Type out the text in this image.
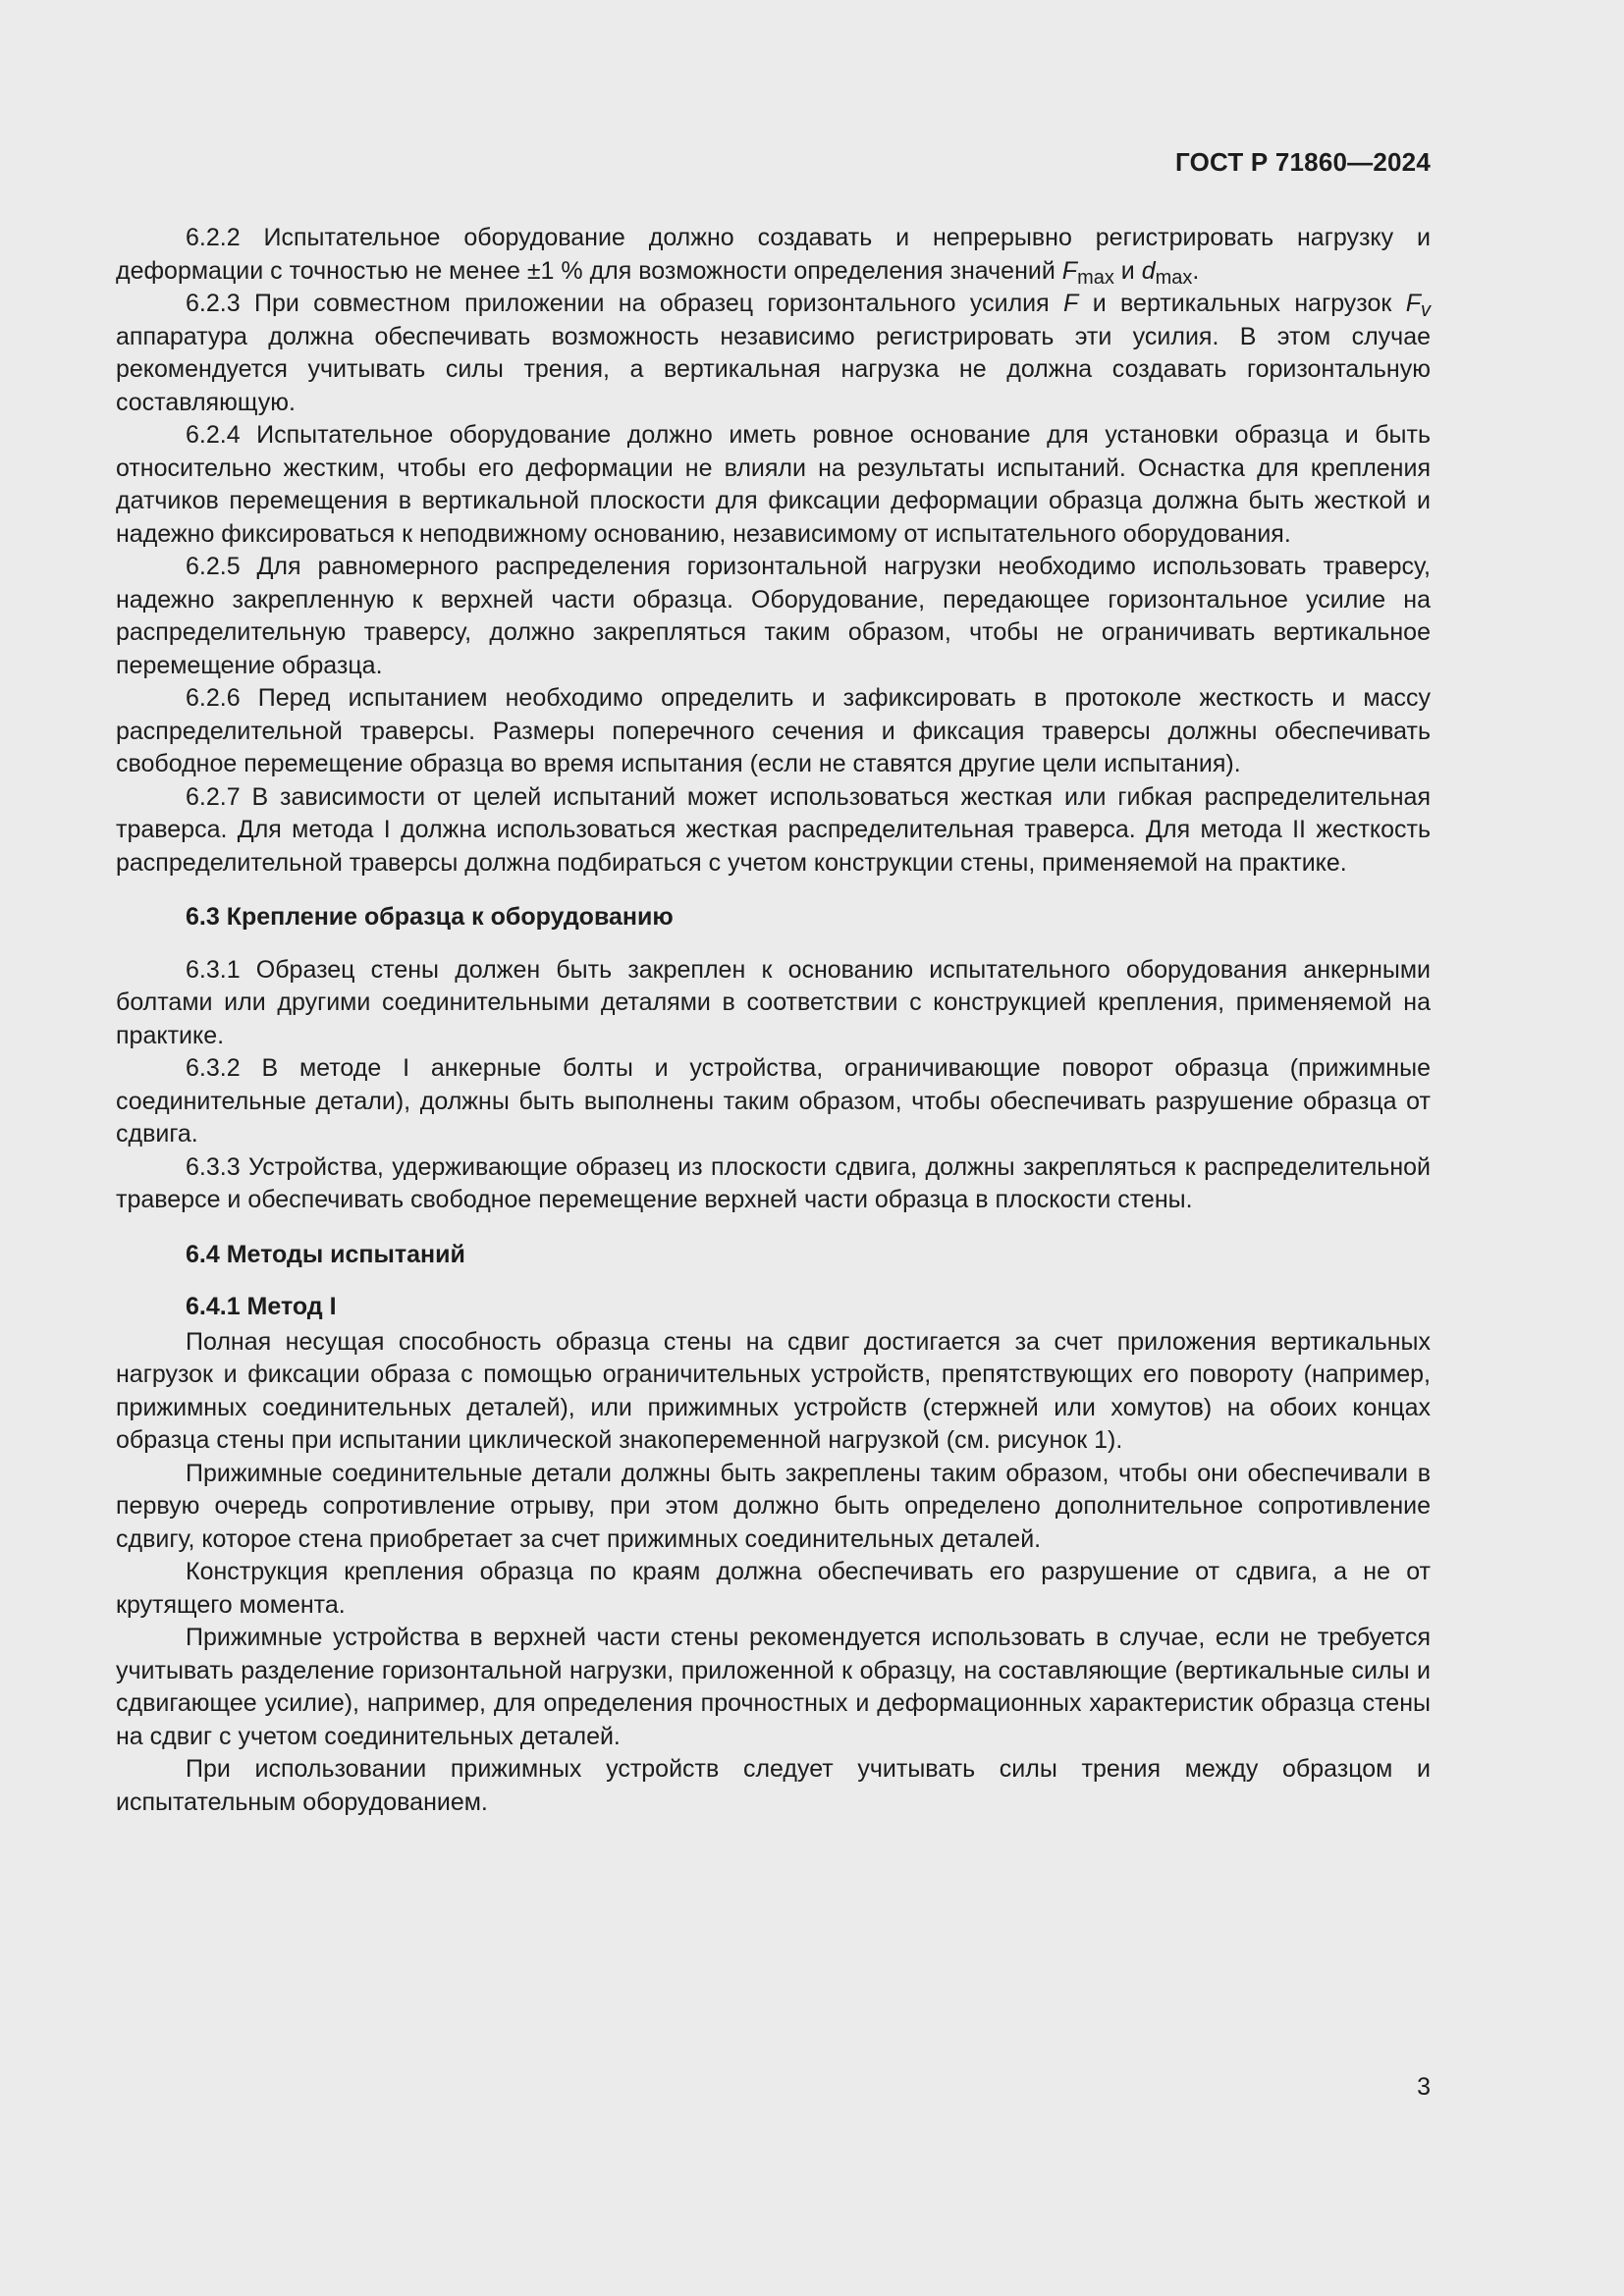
ГОСТ Р 71860—2024

6.2.2 Испытательное оборудование должно создавать и непрерывно регистрировать нагрузку и деформации с точностью не менее ±1 % для возможности определения значений $F_{max}$ и $d_{max}$.

6.2.3 При совместном приложении на образец горизонтального усилия F и вертикальных нагрузок $F_v$ аппаратура должна обеспечивать возможность независимо регистрировать эти усилия. В этом случае рекомендуется учитывать силы трения, а вертикальная нагрузка не должна создавать горизонтальную составляющую.

6.2.4 Испытательное оборудование должно иметь ровное основание для установки образца и быть относительно жестким, чтобы его деформации не влияли на результаты испытаний. Оснастка для крепления датчиков перемещения в вертикальной плоскости для фиксации деформации образца должна быть жесткой и надежно фиксироваться к неподвижному основанию, независимому от испытательного оборудования.

6.2.5 Для равномерного распределения горизонтальной нагрузки необходимо использовать траверсу, надежно закрепленную к верхней части образца. Оборудование, передающее горизонтальное усилие на распределительную траверсу, должно закрепляться таким образом, чтобы не ограничивать вертикальное перемещение образца.

6.2.6 Перед испытанием необходимо определить и зафиксировать в протоколе жесткость и массу распределительной траверсы. Размеры поперечного сечения и фиксация траверсы должны обеспечивать свободное перемещение образца во время испытания (если не ставятся другие цели испытания).

6.2.7 В зависимости от целей испытаний может использоваться жесткая или гибкая распределительная траверса. Для метода I должна использоваться жесткая распределительная траверса. Для метода II жесткость распределительной траверсы должна подбираться с учетом конструкции стены, применяемой на практике.

6.3 Крепление образца к оборудованию

6.3.1 Образец стены должен быть закреплен к основанию испытательного оборудования анкерными болтами или другими соединительными деталями в соответствии с конструкцией крепления, применяемой на практике.

6.3.2 В методе I анкерные болты и устройства, ограничивающие поворот образца (прижимные соединительные детали), должны быть выполнены таким образом, чтобы обеспечивать разрушение образца от сдвига.

6.3.3 Устройства, удерживающие образец из плоскости сдвига, должны закрепляться к распределительной траверсе и обеспечивать свободное перемещение верхней части образца в плоскости стены.

6.4 Методы испытаний

6.4.1 Метод I

Полная несущая способность образца стены на сдвиг достигается за счет приложения вертикальных нагрузок и фиксации образа с помощью ограничительных устройств, препятствующих его повороту (например, прижимных соединительных деталей), или прижимных устройств (стержней или хомутов) на обоих концах образца стены при испытании циклической знакопеременной нагрузкой (см. рисунок 1).

Прижимные соединительные детали должны быть закреплены таким образом, чтобы они обеспечивали в первую очередь сопротивление отрыву, при этом должно быть определено дополнительное сопротивление сдвигу, которое стена приобретает за счет прижимных соединительных деталей.

Конструкция крепления образца по краям должна обеспечивать его разрушение от сдвига, а не от крутящего момента.

Прижимные устройства в верхней части стены рекомендуется использовать в случае, если не требуется учитывать разделение горизонтальной нагрузки, приложенной к образцу, на составляющие (вертикальные силы и сдвигающее усилие), например, для определения прочностных и деформационных характеристик образца стены на сдвиг с учетом соединительных деталей.

При использовании прижимных устройств следует учитывать силы трения между образцом и испытательным оборудованием.

3
